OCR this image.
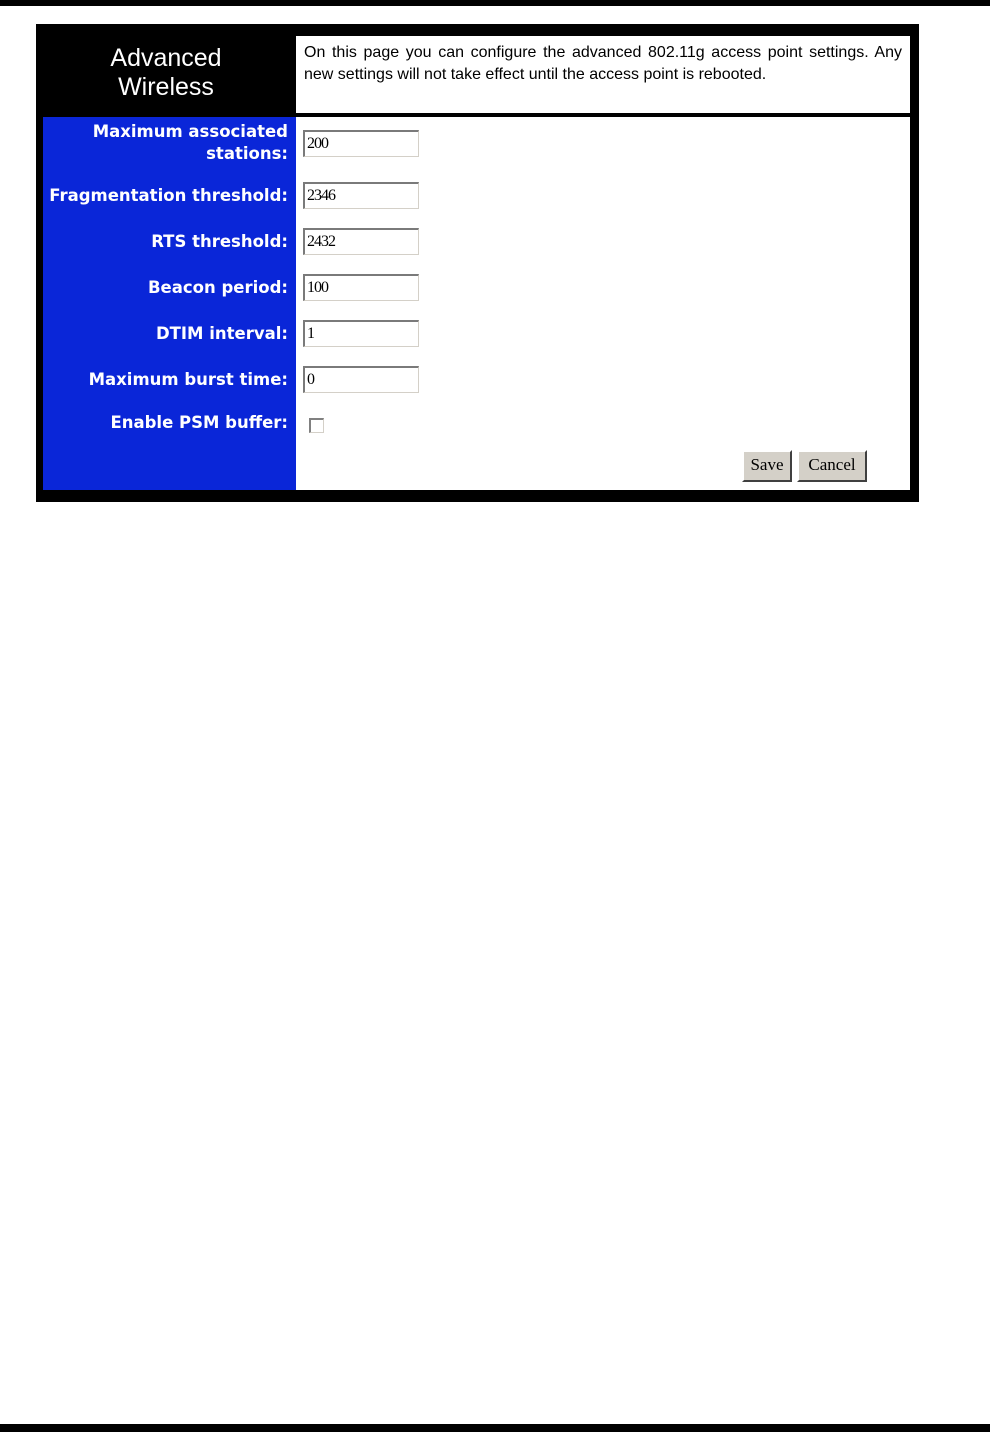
Advanced
Wireless
On this page you can configure the advanced 802.11g access point settings. Any new settings will not take effect until the access point is rebooted.
Maximum associated
stations:
200
Fragmentation threshold: 2346
RTS threshold: 2432
Beacon period: 100
DTIM interval: 1
Maximum burst time: 0
Enable PSM buffer:
Save	Cancel
